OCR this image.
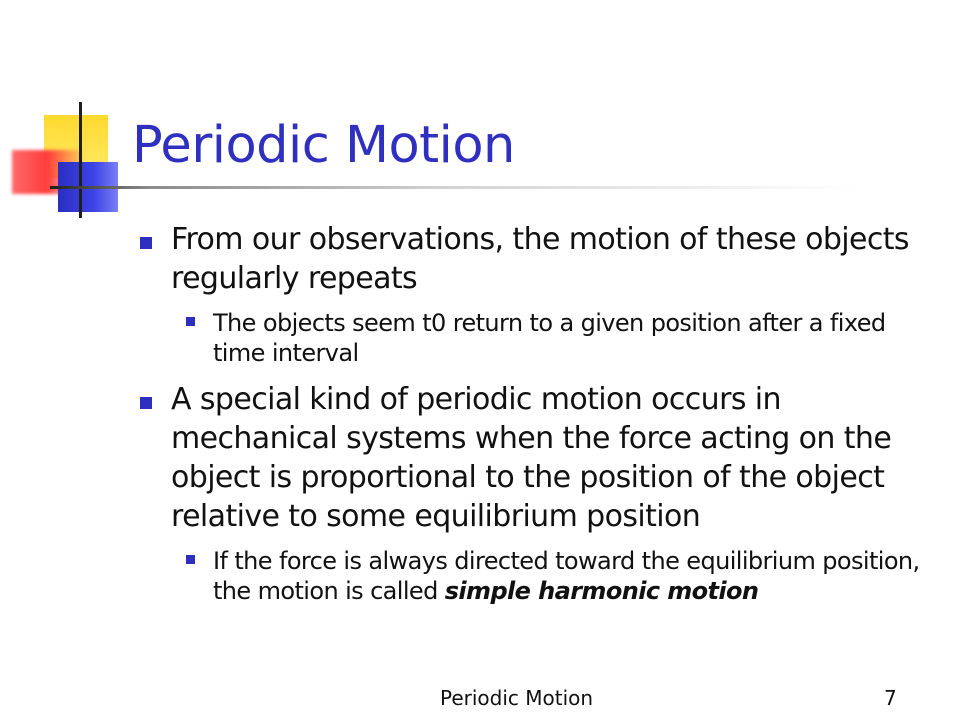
Periodic Motion
From our observations, the motion of these objects regularly repeats
The objects seem t0 return to a given position after a fixed time interval
A special kind of periodic motion occurs in mechanical systems when the force acting on the object is proportional to the position of the object relative to some equilibrium position
If the force is always directed toward the equilibrium position, the motion is called simple harmonic motion
Periodic Motion	7
